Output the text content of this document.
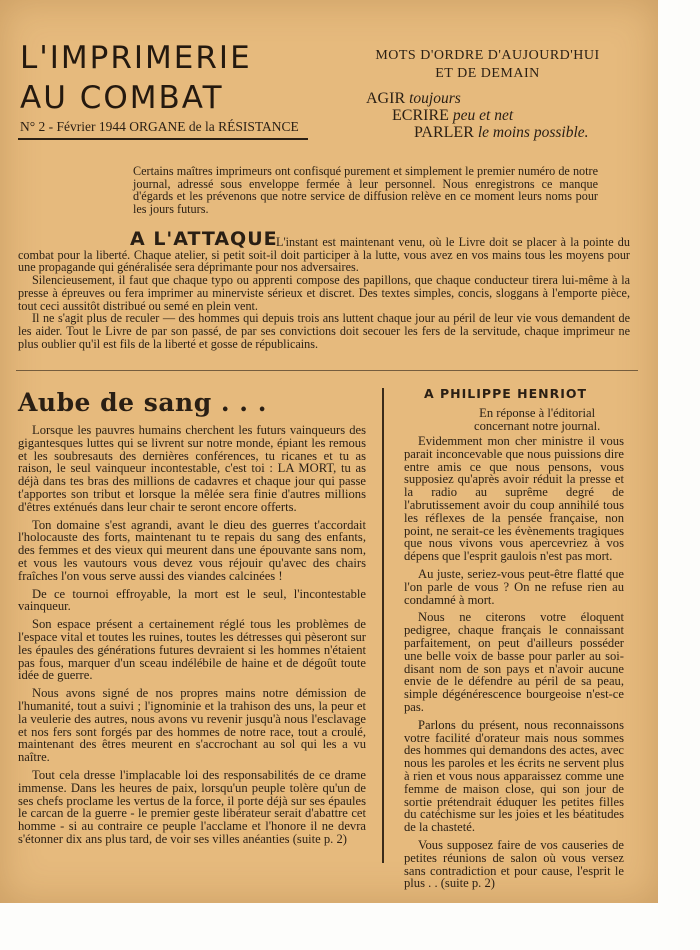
L'IMPRIMERIE
AU COMBAT
N° 2 - Février 1944 ORGANE de la RÉSISTANCE
MOTS D'ORDRE D'AUJOURD'HUI
ET DE DEMAIN
AGIR toujours
ECRIRE peu et net
PARLER le moins possible.
Certains maîtres imprimeurs ont confisqué purement et simplement le premier numéro de notre journal, adressé sous enveloppe fermée à leur personnel. Nous enregistrons ce manque d'égards et les prévenons que notre service de diffusion relève en ce moment leurs noms pour les jours futurs.
A L'ATTAQUE

L'instant est maintenant venu, où le Livre doit se placer à la pointe du combat pour la liberté. Chaque atelier, si petit soit-il doit participer à la lutte, vous avez en vos mains tous les moyens pour une propagande qui généralisée sera déprimante pour nos adversaires.

Silencieusement, il faut que chaque typo ou apprenti compose des papillons, que chaque conducteur tirera lui-même à la presse à épreuves ou fera imprimer au minerviste sérieux et discret. Des textes simples, concis, sloggans à l'emporte pièce, tout ceci aussitôt distribué ou semé en plein vent.

Il ne s'agit plus de reculer — des hommes qui depuis trois ans luttent chaque jour au péril de leur vie vous demandent de les aider. Tout le Livre de par son passé, de par ses convictions doit secouer les fers de la servitude, chaque imprimeur ne plus oublier qu'il est fils de la liberté et gosse de républicains.

Aube de sang . . .

Lorsque les pauvres humains cherchent les futurs vainqueurs des gigantesques luttes qui se livrent sur notre monde, épiant les remous et les soubresauts des dernières conférences, tu ricanes et tu as raison, le seul vainqueur incontestable, c'est toi : LA MORT, tu as déjà dans tes bras des millions de cadavres et chaque jour qui passe t'apportes son tribut et lorsque la mêlée sera finie d'autres millions d'êtres exténués dans leur chair te seront encore offerts.

Ton domaine s'est agrandi, avant le dieu des guerres t'accordait l'holocauste des forts, maintenant tu te repais du sang des enfants, des femmes et des vieux qui meurent dans une épouvante sans nom, et vous les vautours vous devez vous réjouir qu'avec des chairs fraîches l'on vous serve aussi des viandes calcinées !

De ce tournoi effroyable, la mort est le seul, l'incontestable vainqueur.

Son espace présent a certainement réglé tous les problèmes de l'espace vital et toutes les ruines, toutes les détresses qui pèseront sur les épaules des générations futures devraient si les hommes n'étaient pas fous, marquer d'un sceau indélébile de haine et de dégoût toute idée de guerre.

Nous avons signé de nos propres mains notre démission de l'humanité, tout a suivi ; l'ignominie et la trahison des uns, la peur et la veulerie des autres, nous avons vu revenir jusqu'à nous l'esclavage et nos fers sont forgés par des hommes de notre race, tout a croulé, maintenant des êtres meurent en s'accrochant au sol qui les a vu naître.

Tout cela dresse l'implacable loi des responsabilités de ce drame immense. Dans les heures de paix, lorsqu'un peuple tolère qu'un de ses chefs proclame les vertus de la force, il porte déjà sur ses épaules le carcan de la guerre - le premier geste libérateur serait d'abattre cet homme - si au contraire ce peuple l'acclame et l'honore il ne devra s'étonner dix ans plus tard, de voir ses villes anéanties (suite p. 2)

A PHILIPPE HENRIOT
En réponse à l'éditorial
concernant notre journal.

Evidemment mon cher ministre il vous parait inconcevable que nous puissions dire entre amis ce que nous pensons, vous supposiez qu'après avoir réduit la presse et la radio au suprême degré de l'abrutissement avoir du coup annihilé tous les réflexes de la pensée française, non point, ne serait-ce les évènements tragiques que nous vivons vous apercevriez à vos dépens que l'esprit gaulois n'est pas mort.

Au juste, seriez-vous peut-être flatté que l'on parle de vous ? On ne refuse rien au condamné à mort.

Nous ne citerons votre éloquent pedigree, chaque français le connaissant parfaitement, on peut d'ailleurs posséder une belle voix de basse pour parler au soi-disant nom de son pays et n'avoir aucune envie de le défendre au péril de sa peau, simple dégénérescence bourgeoise n'est-ce pas.

Parlons du présent, nous reconnaissons votre facilité d'orateur mais nous sommes des hommes qui demandons des actes, avec nous les paroles et les écrits ne servent plus à rien et vous nous apparaissez comme une femme de maison close, qui son jour de sortie prétendrait éduquer les petites filles du catéchisme sur les joies et les béatitudes de la chasteté.

Vous supposez faire de vos causeries de petites réunions de salon où vous versez sans contradiction et pour cause, l'esprit le plus . . (suite p. 2)
